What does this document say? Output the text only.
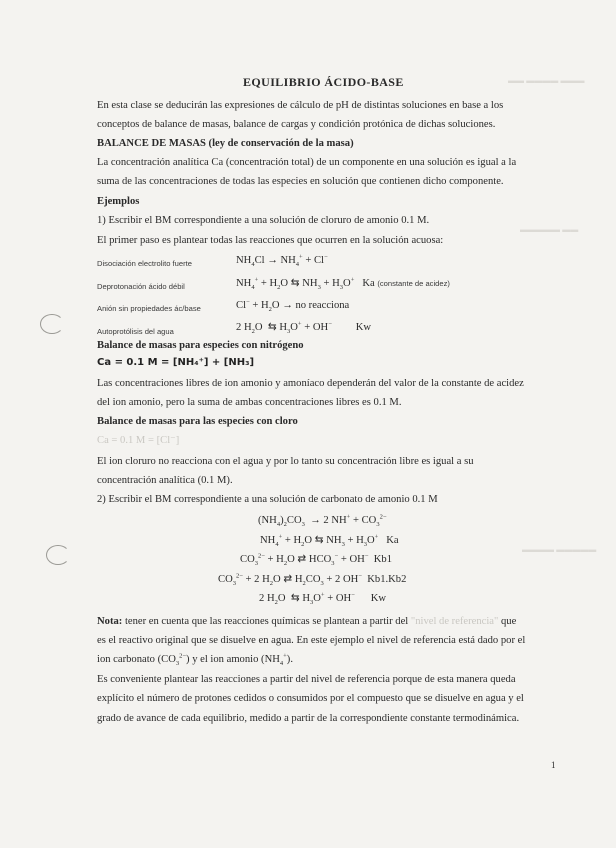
▬▬ ▬▬▬▬ ▬▬▬
▬▬▬▬▬ ▬▬
▬▬▬▬ ▬▬▬▬▬
EQUILIBRIO ÁCIDO-BASE
En esta clase se deducirán las expresiones de cálculo de pH de distintas soluciones en base a los
conceptos de balance de masas, balance de cargas y condición protónica de dichas soluciones.
BALANCE DE MASAS (ley de conservación de la masa)
La concentración analítica Ca (concentración total) de un componente en una solución es igual a la
suma de las concentraciones de todas las especies en solución que contienen dicho componente.
Ejemplos
1) Escribir el BM correspondiente a una solución de cloruro de amonio 0.1 M.
El primer paso es plantear todas las reacciones que ocurren en la solución acuosa:
Disociación electrolito fuerte	$NH_4Cl \to NH_4^+ + Cl^-$
Deprotonación ácido débil	$NH_4^+ + H_2O$ ⇆ $NH_3 + H_3O^+$ Ka (constante de acidez)
Anión sin propiedades ác/base	$Cl^- + H_2O$ → no reacciona
Autoprotólisis del agua	2 $H_2O$ ⇆ $H_3O^+ + OH^-$ Kw
Balance de masas para especies con nitrógeno
Ca = 0.1 M = [NH₄⁺] + [NH₃]
Las concentraciones libres de ion amonio y amoníaco dependerán del valor de la constante de acidez
del ion amonio, pero la suma de ambas concentraciones libres es 0.1 M.
Balance de masas para las especies con cloro
Ca = 0.1 M = [Cl⁻]
El ion cloruro no reacciona con el agua y por lo tanto su concentración libre es igual a su
concentración analítica (0.1 M).
2) Escribir el BM correspondiente a una solución de carbonato de amonio 0.1 M
$(NH_4)_2CO_3 \to 2$ $NH^+ + CO_3^{2-}$
$NH_4^+ + H_2O$ ⇆ $NH_3 + H_3O^+$ Ka
$CO_3^{2-} + H_2O$ ⇄ $HCO_3^- + OH^-$ Kb1
$CO_3^{2-} + 2$ $H_2O$ ⇄ $H_2CO_3 + 2$ OH− Kb1.Kb2
2 $H_2O$ ⇆ $H_3O^+ + OH^-$ Kw
Nota: tener en cuenta que las reacciones químicas se plantean a partir del "nivel de referencia" que
es el reactivo original que se disuelve en agua. En este ejemplo el nivel de referencia está dado por el
ion carbonato $(CO_3^{2-})$ y el ion amonio $(NH_4^+)$.
Es conveniente plantear las reacciones a partir del nivel de referencia porque de esta manera queda
explícito el número de protones cedidos o consumidos por el compuesto que se disuelve en agua y el
grado de avance de cada equilibrio, medido a partir de la correspondiente constante termodinámica.
1
